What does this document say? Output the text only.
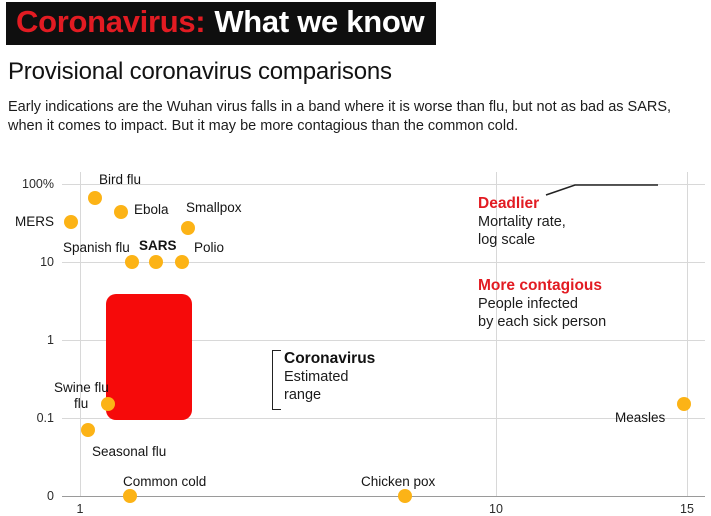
Coronavirus: What we know
Provisional coronavirus comparisons
Early indications are the Wuhan virus falls in a band where it is worse than flu, but not as bad as SARS, when it comes to impact. But it may be more contagious than the common cold.
Coronavirus
Estimated
range
MERS
Bird flu
Ebola Smallpox
Spanish flu SARS Polio
Swine flu
Seasonal flu
Common cold	Chicken pox
Measles
flu
100%
10
1
0.1
0
1	10	15
Deadlier
Mortality rate,
log scale
More contagious
People infected
by each sick person
